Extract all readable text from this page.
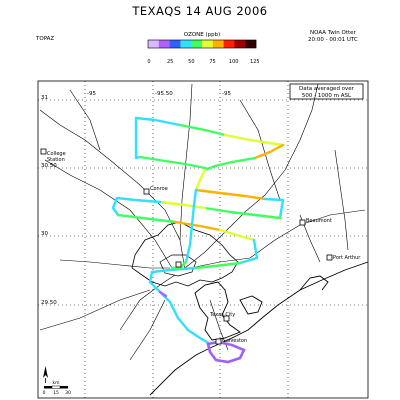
TEXAQS 14 AUG 2006
TOPAZ
OZONE (ppb)	NOAA Twin Otter
20:00 - 00:01 UTC
0	25	50	75	100 125
-95	-95.50	-95
31
30.50
30
29.50
Data averaged over
500 - 1000 m ASL
College
Station
Conroe
Beaumont
Port Arthur
Texas City
Galveston
km
0 15 30
